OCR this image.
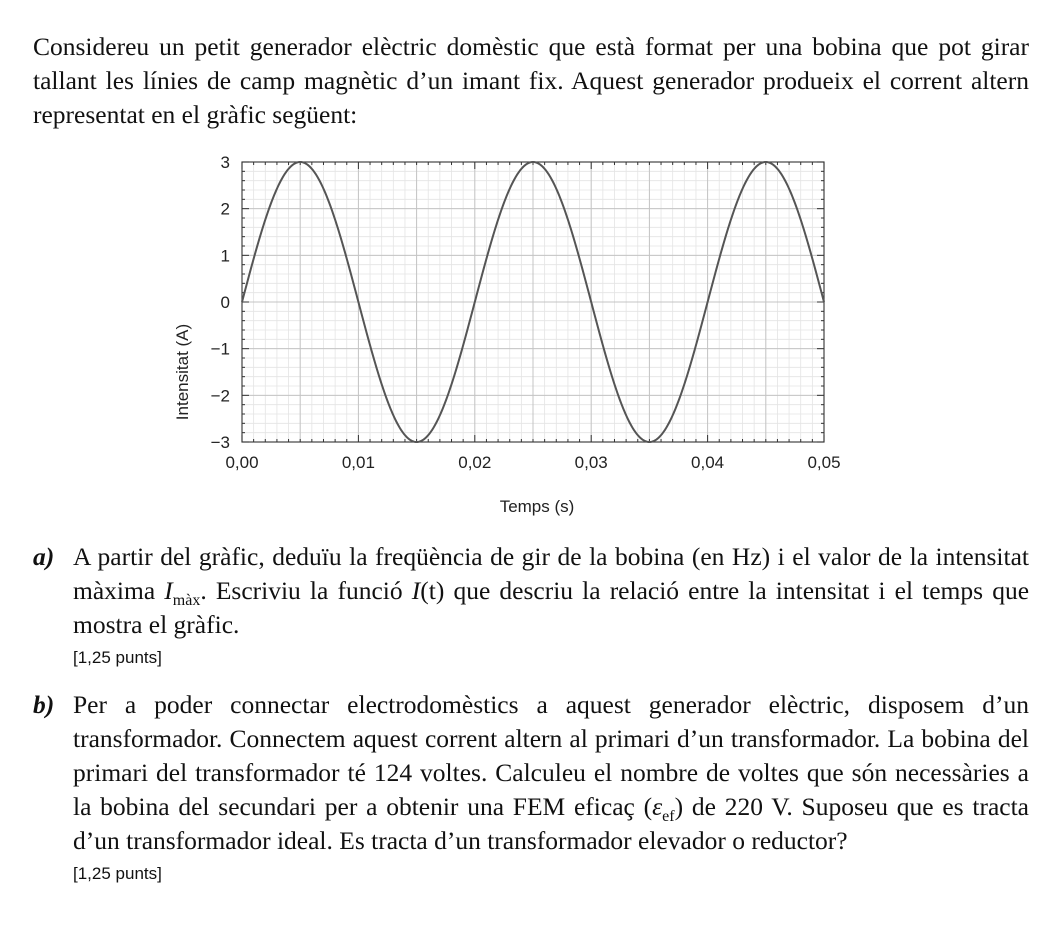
Considereu un petit generador elèctric domèstic que està format per una bobina que pot girar tallant les línies de camp magnètic d’un imant fix. Aquest generador produeix el corrent altern representat en el gràfic següent:

0,00	0,01	0,02	0,03	0,04	0,05
−3
−2
−1
0
1
2
3
Temps (s)
Intensitat (A)
a) A partir del gràfic, deduïu la freqüència de gir de la bobina (en Hz) i el valor de la intensitat màxima $I_{màx}$. Escriviu la funció I(t) que descriu la relació entre la intensitat i el temps que mostra el gràfic.
[1,25 punts]
b) Per a poder connectar electrodomèstics a aquest generador elèctric, disposem d’un transformador. Connectem aquest corrent altern al primari d’un transformador. La bobina del primari del transformador té 124 voltes. Calculeu el nombre de voltes que són necessàries a la bobina del secundari per a obtenir una FEM eficaç $(\varepsilon_{ef})$ de 220 V. Suposeu que es tracta d’un transformador ideal. Es tracta d’un transformador elevador o reductor?
[1,25 punts]
